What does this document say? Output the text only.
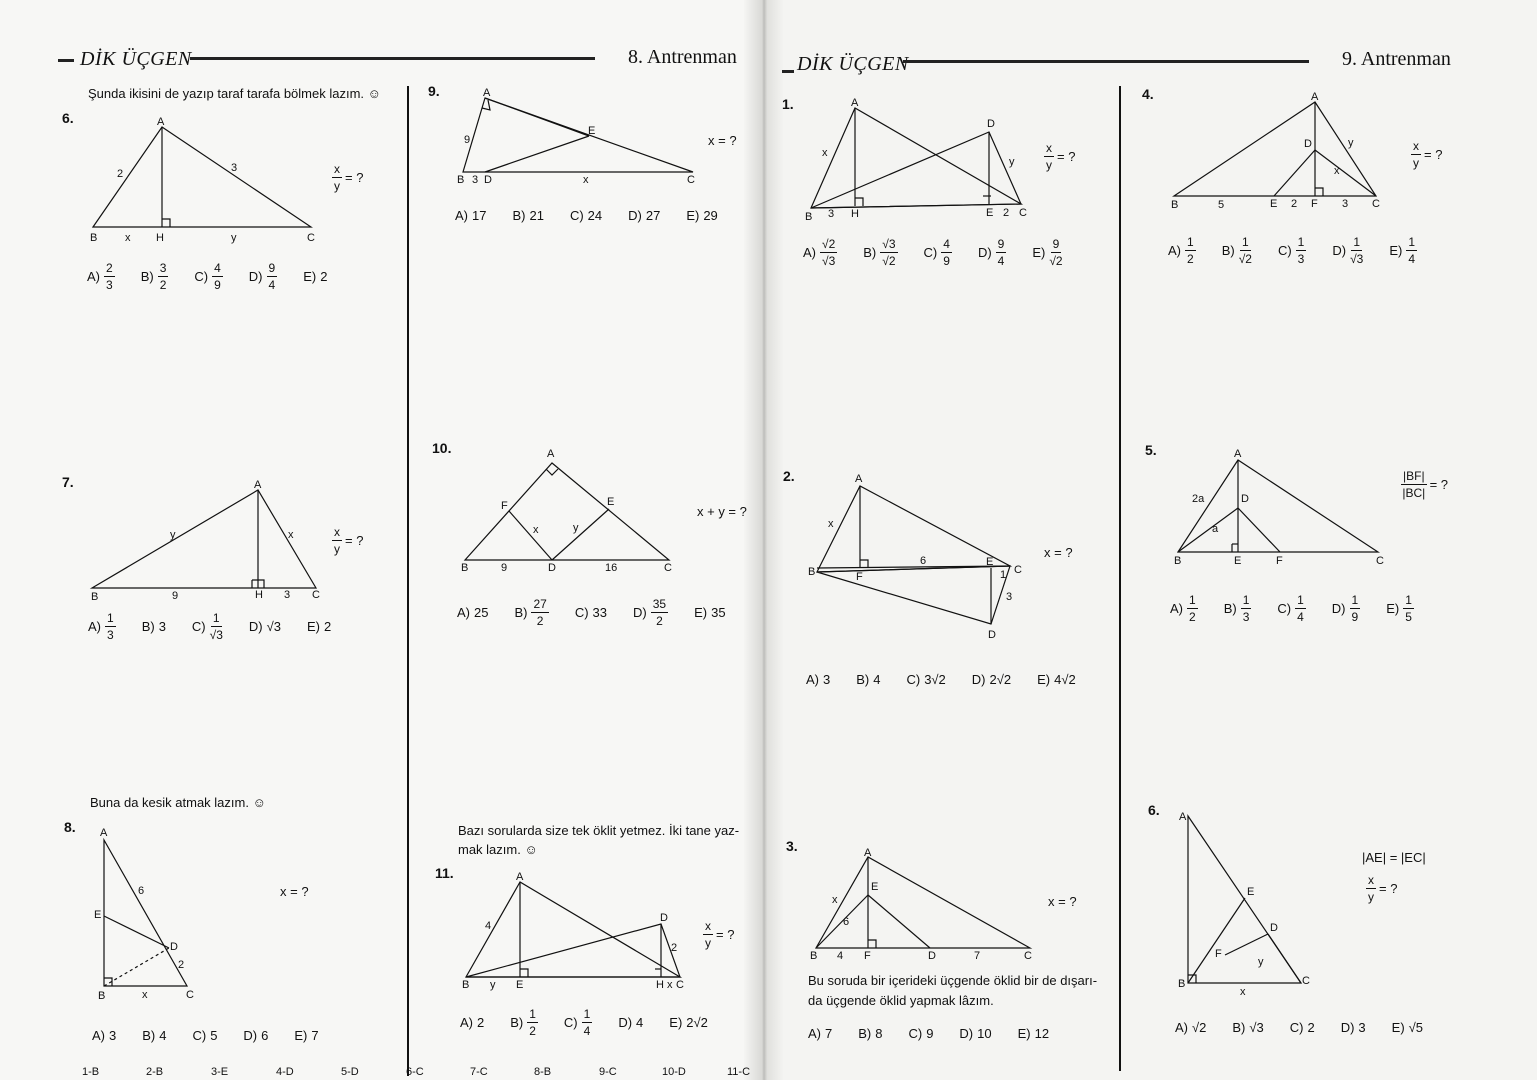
DİK ÜÇGEN	8. Antrenman	DİK ÜÇGEN	9. Antrenman
Şunda ikisini de yazıp taraf tarafa bölmek lazım. ☺
6.	A
B	C
H
2	3
x	y
$\frac{x}{y}$ = ?
$A) \frac{2}{3} B) \frac{3}{2} C) \frac{4}{9} D) \frac{9}{4} E$) 2
7.	A
B	C
H
9	3
x
y	$\frac{x}{y}$ = ?
$A) \frac{1}{3} B$) 3 $C) \frac{1}{√3} D$) √3 E) 2
Buna da kesik atmak lazım. ☺
8. A
B	C
D
E
6
2
x
x = ?
A) 3 B) 4 C) 5 D) 6 E) 7
9.	A
B	C
D
E
9
3	x
x = ?
A) 17 B) 21 C) 24 D) 27 E) 29
10.	A
B	C
D
E
F
9	16
x	y
x + y = ?
A) 25 $B) \frac{27}{2} C$) 33 $D) \frac{35}{2} E$) 35
Bazı sorularda size tek öklit yetmez. İki tane yaz-
mak lazım. ☺
11.	A
B	C
D
E	H
4
2
x
y
$\frac{x}{y}$ = ?
A) 2 $B) \frac{1}{2} C) \frac{1}{4} D$) 4 E) 2√2
1-B	2-B	3-E	4-D	5-D	6-C	7-C	8-B	9-C	10-D	11-C
1.	A
B	C
D
E
H
3	2
x
y $\frac{x}{y}$ = ?
$A) \frac{√2}{√3} B) \frac{√3}{√2} C) \frac{4}{9} D) \frac{9}{4} E) \frac{9}{√2}$
2.	A
B	C
D
E
F
6
1
3
x
x = ?
A) 3 B) 4 C) 3√2 D) 2√2 E) 4√2
3.	A
B	C
D
E
F
4
6
7
x	x = ?
Bu soruda bir içerideki üçgende öklid bir de dışarı-
da üçgende öklid yapmak lâzım.
A) 7 B) 8 C) 9 D) 10 E) 12
4.	A
B	C
D
E	F
5	2	3
x
y	$\frac{x}{y}$ = ?
$A) \frac{1}{2} B) \frac{1}{√2} C) \frac{1}{3} D) \frac{1}{√3} E) \frac{1}{4}$
5.	A
B	C
D
E	F
2a
a
$\frac{|BF|}{|BC|}$ = ?
$A) \frac{1}{2} B) \frac{1}{3} C) \frac{1}{4} D) \frac{1}{9} E) \frac{1}{5}$
6. A
B	C
D
E
F
x
y
|AE| = |EC|
$\frac{x}{y}$ = ?
A) √2 B) √3 C) 2 D) 3 E) √5
